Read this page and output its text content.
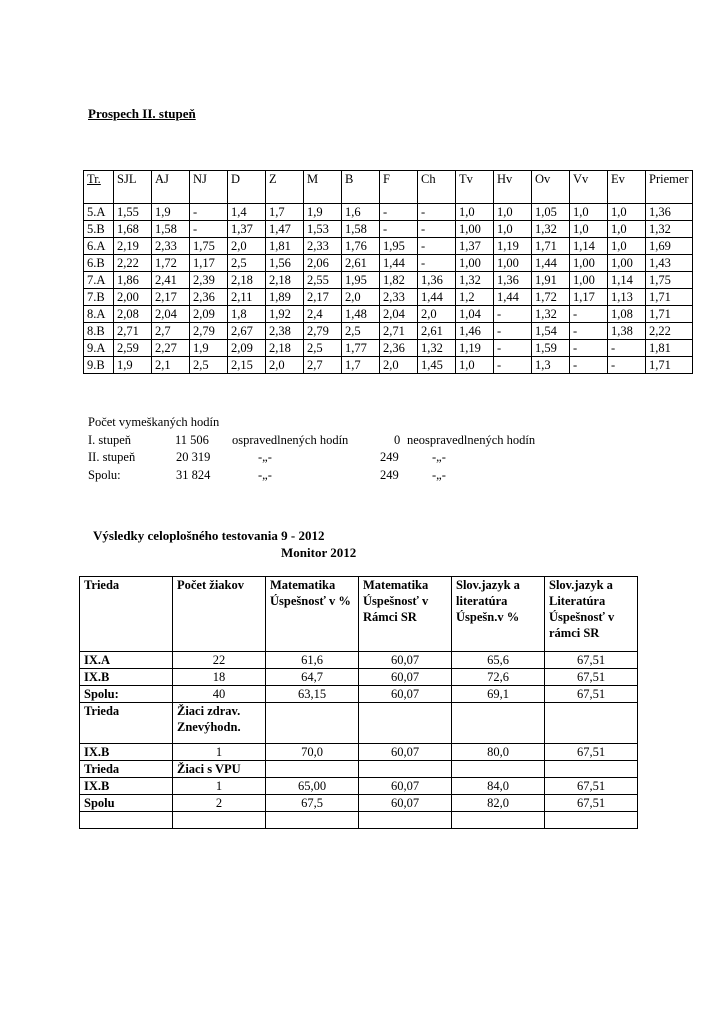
Prospech II. stupeň
Tr.	SJL	AJ	NJ	D	Z	M	B	F	Ch	Tv	Hv	Ov	Vv	Ev	Priemer
5.A	1,55	1,9	-	1,4	1,7	1,9	1,6	-	-	1,0	1,0	1,05	1,0	1,0	1,36
5.B	1,68	1,58	-	1,37	1,47	1,53	1,58	-	-	1,00	1,0	1,32	1,0	1,0	1,32
6.A	2,19	2,33	1,75	2,0	1,81	2,33	1,76	1,95	-	1,37	1,19	1,71	1,14	1,0	1,69
6.B	2,22	1,72	1,17	2,5	1,56	2,06	2,61	1,44	-	1,00	1,00	1,44	1,00	1,00	1,43
7.A	1,86	2,41	2,39	2,18	2,18	2,55	1,95	1,82	1,36	1,32	1,36	1,91	1,00	1,14	1,75
7.B	2,00	2,17	2,36	2,11	1,89	2,17	2,0	2,33	1,44	1,2	1,44	1,72	1,17	1,13	1,71
8.A	2,08	2,04	2,09	1,8	1,92	2,4	1,48	2,04	2,0	1,04	-	1,32	-	1,08	1,71
8.B	2,71	2,7	2,79	2,67	2,38	2,79	2,5	2,71	2,61	1,46	-	1,54	-	1,38	2,22
9.A	2,59	2,27	1,9	2,09	2,18	2,5	1,77	2,36	1,32	1,19	-	1,59	-	-	1,81
9.B	1,9	2,1	2,5	2,15	2,0	2,7	1,7	2,0	1,45	1,0	-	1,3	-	-	1,71
Počet vymeškaných hodín
I. stupeň	11 506 ospravedlnených hodín	0 neospravedlnených hodín
II. stupeň	20 319	-„-	249	-„-
Spolu:	31 824	-„-	249	-„-
Výsledky celoplošného testovania 9 - 2012
Monitor 2012
Trieda	Počet žiakov	Matematika Úspešnosť v %	Matematika Úspešnosť v Rámci SR	Slov.jazyk a literatúra Úspešn.v %	Slov.jazyk a Literatúra Úspešnosť v rámci SR
IX.A	22	61,6	60,07	65,6	67,51
IX.B	18	64,7	60,07	72,6	67,51
Spolu:	40	63,15	60,07	69,1	67,51
Trieda	Žiaci zdrav. Znevýhodn.				
IX.B	1	70,0	60,07	80,0	67,51
Trieda	Žiaci s VPU				
IX.B	1	65,00	60,07	84,0	67,51
Spolu	2	67,5	60,07	82,0	67,51
